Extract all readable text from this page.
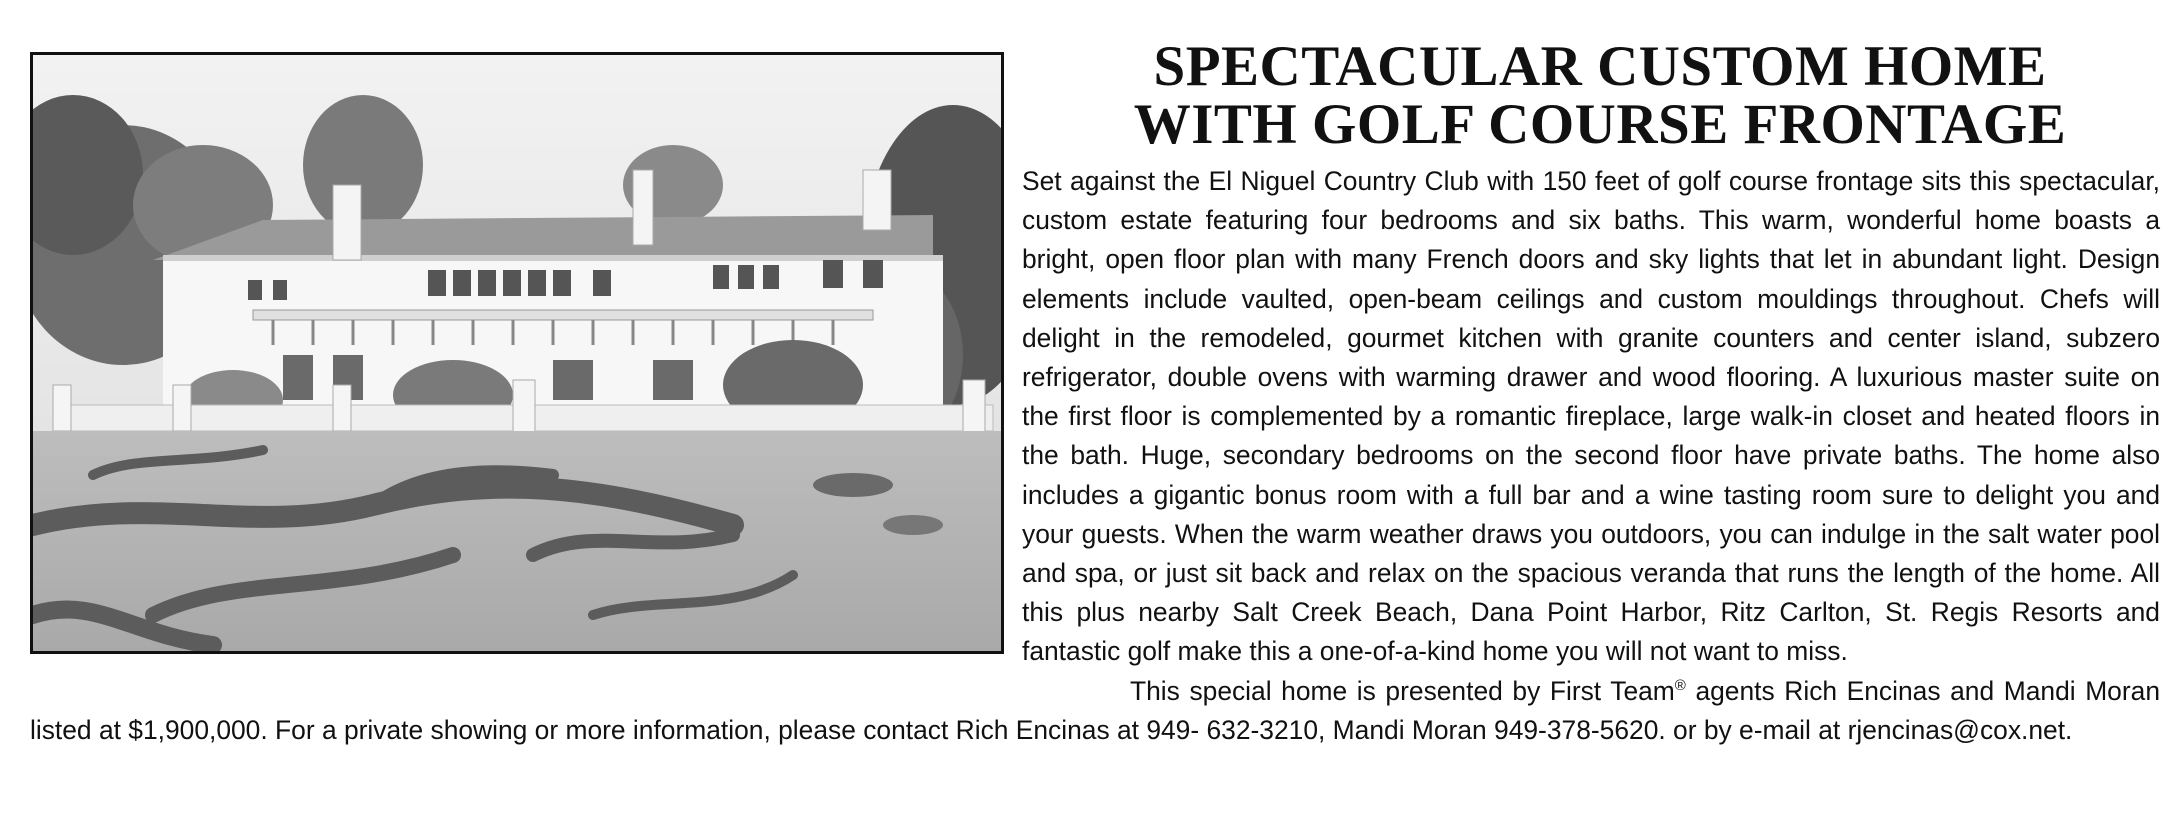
SPECTACULAR CUSTOM HOME
WITH GOLF COURSE FRONTAGE

Set against the El Niguel Country Club with 150 feet of golf course frontage sits this spectacular, custom estate featuring four bedrooms and six baths. This warm, wonderful home boasts a bright, open floor plan with many French doors and sky lights that let in abundant light. Design elements include vaulted, open-beam ceilings and custom mouldings throughout. Chefs will delight in the remodeled, gourmet kitchen with granite counters and center island, subzero refrigerator, double ovens with warming drawer and wood flooring. A luxurious master suite on the first floor is complemented by a romantic fireplace, large walk-in closet and heated floors in the bath. Huge, secondary bedrooms on the second floor have private baths. The home also includes a gigantic bonus room with a full bar and a wine tasting room sure to delight you and your guests. When the warm weather draws you outdoors, you can indulge in the salt water pool and spa, or just sit back and relax on the spacious veranda that runs the length of the home. All this plus nearby Salt Creek Beach, Dana Point Harbor, Ritz Carlton, St. Regis Resorts and fantastic golf make this a one-of-a-kind home you will not want to miss.

This special home is presented by First Team® agents Rich Encinas and Mandi Moran listed at $1,900,000. For a private showing or more information, please contact Rich Encinas at 949- 632-3210, Mandi Moran 949-378-5620. or by e-mail at rjencinas@cox.net.
